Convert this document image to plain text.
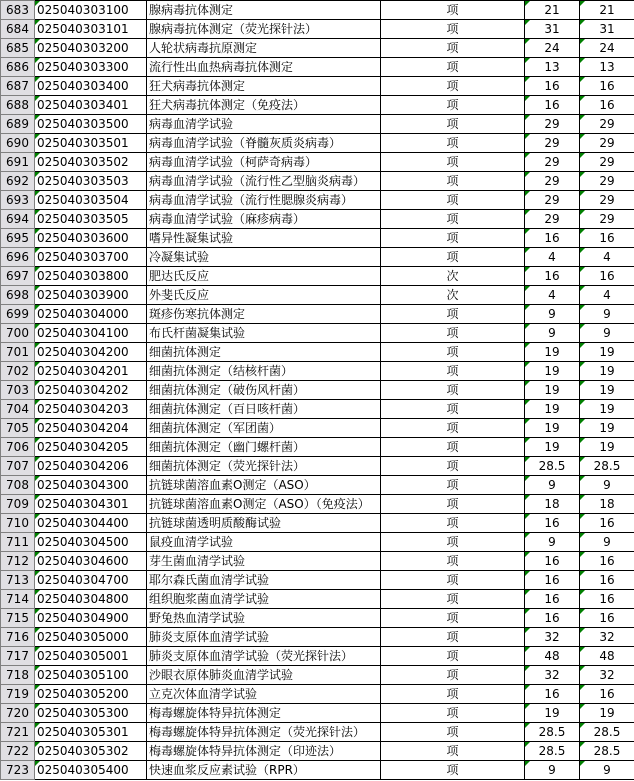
683	025040303100	腺病毒抗体测定	项	21	21
684	025040303101	腺病毒抗体测定（荧光探针法）	项	31	31
685	025040303200	人轮状病毒抗原测定	项	24	24
686	025040303300	流行性出血热病毒抗体测定	项	13	13
687	025040303400	狂犬病毒抗体测定	项	16	16
688	025040303401	狂犬病毒抗体测定（免疫法）	项	16	16
689	025040303500	病毒血清学试验	项	29	29
690	025040303501	病毒血清学试验（脊髓灰质炎病毒）	项	29	29
691	025040303502	病毒血清学试验（柯萨奇病毒）	项	29	29
692	025040303503	病毒血清学试验（流行性乙型脑炎病毒）	项	29	29
693	025040303504	病毒血清学试验（流行性腮腺炎病毒）	项	29	29
694	025040303505	病毒血清学试验（麻疹病毒）	项	29	29
695	025040303600	嗜异性凝集试验	项	16	16
696	025040303700	冷凝集试验	项	4	4
697	025040303800	肥达氏反应	次	16	16
698	025040303900	外斐氏反应	次	4	4
699	025040304000	斑疹伤寒抗体测定	项	9	9
700	025040304100	布氏杆菌凝集试验	项	9	9
701	025040304200	细菌抗体测定	项	19	19
702	025040304201	细菌抗体测定（结核杆菌）	项	19	19
703	025040304202	细菌抗体测定（破伤风杆菌）	项	19	19
704	025040304203	细菌抗体测定（百日咳杆菌）	项	19	19
705	025040304204	细菌抗体测定（军团菌）	项	19	19
706	025040304205	细菌抗体测定（幽门螺杆菌）	项	19	19
707	025040304206	细菌抗体测定（荧光探针法）	项	28.5	28.5
708	025040304300	抗链球菌溶血素O测定（ASO）	项	9	9
709	025040304301	抗链球菌溶血素O测定（ASO）（免疫法）	项	18	18
710	025040304400	抗链球菌透明质酸酶试验	项	16	16
711	025040304500	鼠疫血清学试验	项	9	9
712	025040304600	芽生菌血清学试验	项	16	16
713	025040304700	耶尔森氏菌血清学试验	项	16	16
714	025040304800	组织胞浆菌血清学试验	项	16	16
715	025040304900	野兔热血清学试验	项	16	16
716	025040305000	肺炎支原体血清学试验	项	32	32
717	025040305001	肺炎支原体血清学试验（荧光探针法）	项	48	48
718	025040305100	沙眼衣原体肺炎血清学试验	项	32	32
719	025040305200	立克次体血清学试验	项	16	16
720	025040305300	梅毒螺旋体特异抗体测定	项	19	19
721	025040305301	梅毒螺旋体特异抗体测定（荧光探针法）	项	28.5	28.5
722	025040305302	梅毒螺旋体特异抗体测定（印迹法）	项	28.5	28.5
723	025040305400	快速血浆反应素试验（RPR）	项	9	9
